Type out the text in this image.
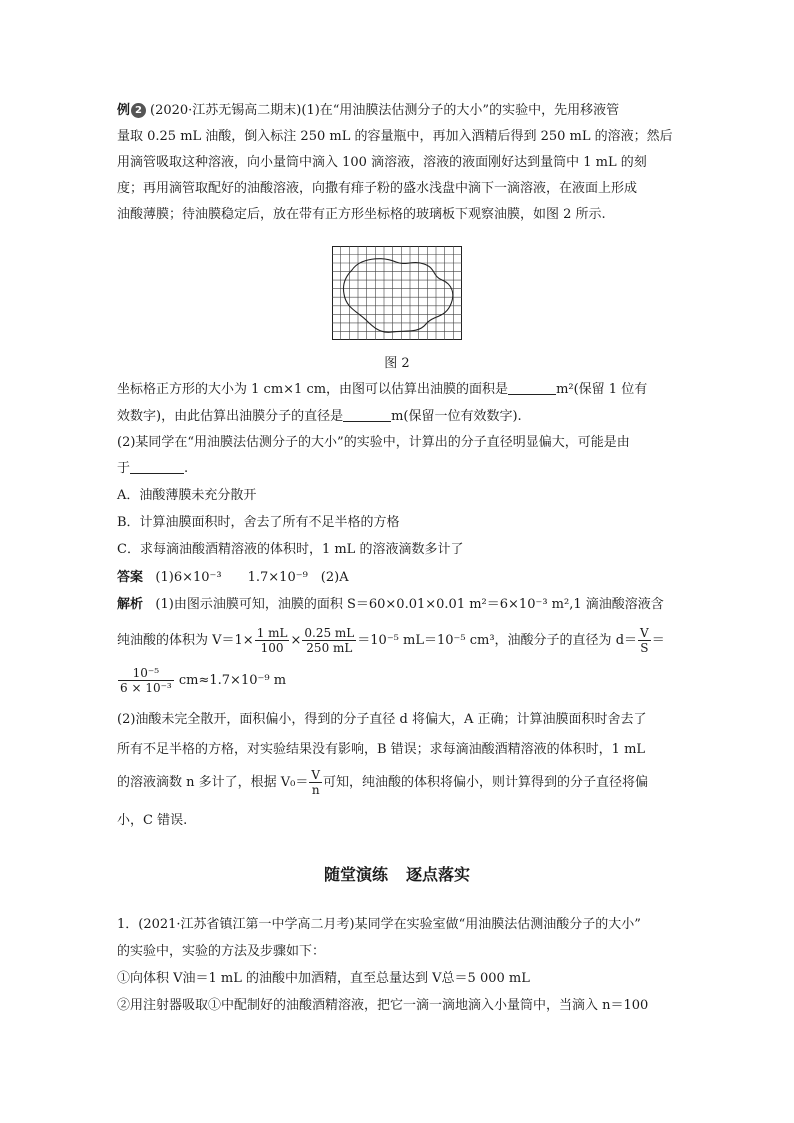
例 2 (2020·江苏无锡高二期末)(1)在“用油膜法估测分子的大小”的实验中，先用移液管
量取 0.25 mL 油酸，倒入标注 250 mL 的容量瓶中，再加入酒精后得到 250 mL 的溶液；然后
用滴管吸取这种溶液，向小量筒中滴入 100 滴溶液，溶液的液面刚好达到量筒中 1 mL 的刻
度；再用滴管取配好的油酸溶液，向撒有痱子粉的盛水浅盘中滴下一滴溶液，在液面上形成
油酸薄膜；待油膜稳定后，放在带有正方形坐标格的玻璃板下观察油膜，如图 2 所示.
图 2
坐标格正方形的大小为 1 cm×1 cm，由图可以估算出油膜的面积是	m²(保留 1 位有
效数字)，由此估算出油膜分子的直径是	m(保留一位有效数字).
(2)某同学在“用油膜法估测分子的大小”的实验中，计算出的分子直径明显偏大，可能是由
于	.
A．油酸薄膜未充分散开
B．计算油膜面积时，舍去了所有不足半格的方格
C．求每滴油酸酒精溶液的体积时，1 mL 的溶液滴数多计了
答案 (1)6×10⁻³　　1.7×10⁻⁹　(2)A
解析 (1)由图示油膜可知，油膜的面积 S＝60×0.01×0.01 m²＝6×10⁻³ m²,1 滴油酸溶液含
纯油酸的体积为 $V=1\times \frac{1 mL}{100} \times \frac{0.25 mL}{250 mL} =10^{-5}$ mL＝10⁻⁵ cm³，油酸分子的直径为 $d= \frac{V}{S}$ ＝
$\frac{\text{10⁻⁵}}{\text{6 × 10⁻³}} cm\approx 1.7\times 10^{-9}$ m
(2)油酸未完全散开，面积偏小，得到的分子直径 d 将偏大，A 正确；计算油膜面积时舍去了
所有不足半格的方格，对实验结果没有影响，B 错误；求每滴油酸酒精溶液的体积时，1 mL
的溶液滴数 n 多计了，根据 $V_0= \frac{V}{n}$ 可知，纯油酸的体积将偏小，则计算得到的分子直径将偏
小，C 错误.
随堂演练 逐点落实
1．(2021·江苏省镇江第一中学高二月考)某同学在实验室做“用油膜法估测油酸分子的大小”
的实验中，实验的方法及步骤如下：
①向体积 V油＝1 mL 的油酸中加酒精，直至总量达到 V总＝5 000 mL
②用注射器吸取①中配制好的油酸酒精溶液，把它一滴一滴地滴入小量筒中，当滴入 n＝100
